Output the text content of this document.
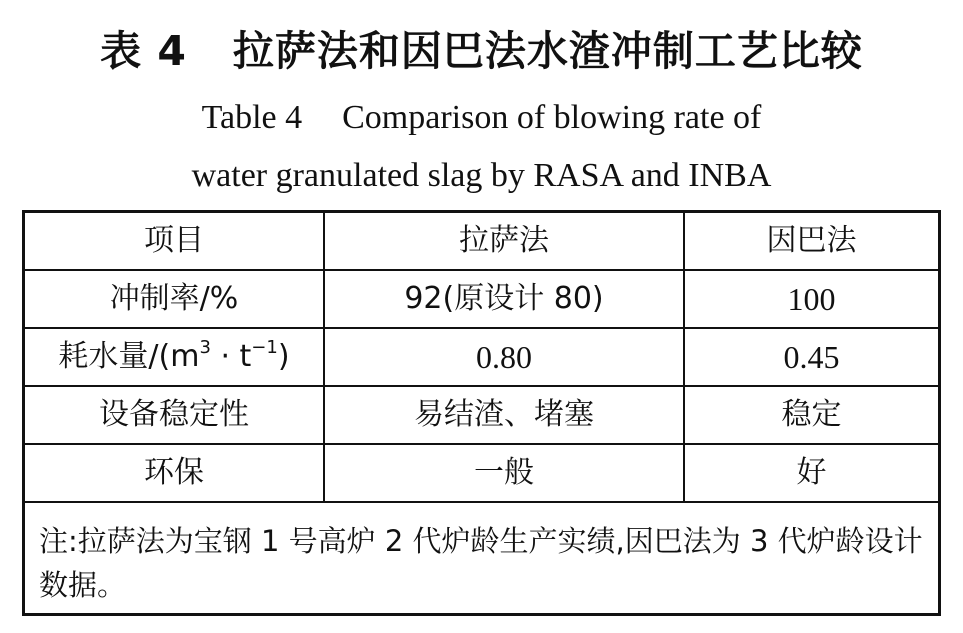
表 4 拉萨法和因巴法水渣冲制工艺比较
Table 4 Comparison of blowing rate of
water granulated slag by RASA and INBA
项目	拉萨法	因巴法
冲制率/%	92(原设计 80)	100
耗水量$/(m^3 \cdot t^{-1})$	0.80	0.45
设备稳定性	易结渣、堵塞	稳定
环保	一般	好
注:拉萨法为宝钢 1 号高炉 2 代炉龄生产实绩,因巴法为 3 代炉龄设计数据。
